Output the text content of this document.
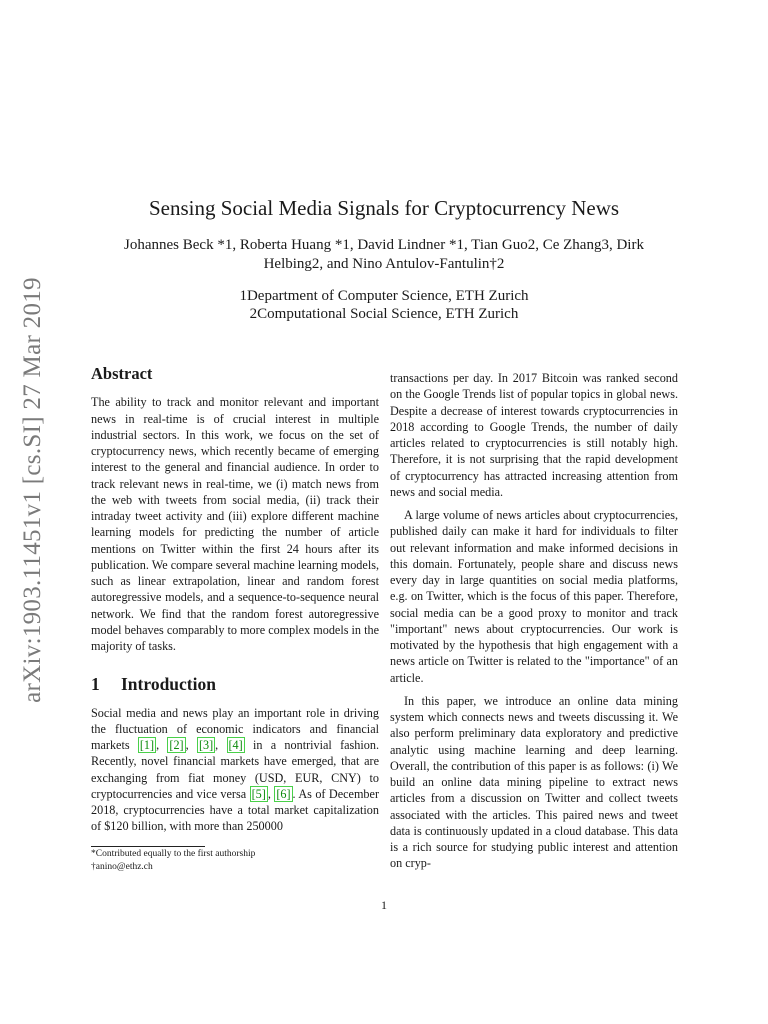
arXiv:1903.11451v1 [cs.SI] 27 Mar 2019
Sensing Social Media Signals for Cryptocurrency News
Johannes Beck *1, Roberta Huang *1, David Lindner *1, Tian Guo2, Ce Zhang3, Dirk
Helbing2, and Nino Antulov-Fantulin†2
1Department of Computer Science, ETH Zurich
2Computational Social Science, ETH Zurich
Abstract

The ability to track and monitor relevant and important news in real-time is of crucial interest in multiple industrial sectors. In this work, we focus on the set of cryptocurrency news, which recently became of emerging interest to the general and financial audience. In order to track relevant news in real-time, we (i) match news from the web with tweets from social media, (ii) track their intraday tweet activity and (iii) explore different machine learning models for predicting the number of article mentions on Twitter within the first 24 hours after its publication. We compare several machine learning models, such as linear extrapolation, linear and random forest autoregressive models, and a sequence-to-sequence neural network. We find that the random forest autoregressive model behaves comparably to more complex models in the majority of tasks.

1 Introduction

Social media and news play an important role in driving the fluctuation of economic indicators and financial markets [1] , [2] , [3] , [4] in a nontrivial fashion. Recently, novel financial markets have emerged, that are exchanging from fiat money (USD, EUR, CNY) to cryptocurrencies and vice versa [5] , [6] . As of December 2018, cryptocurrencies have a total market capitalization of $120 billion, with more than 250000

transactions per day. In 2017 Bitcoin was ranked second on the Google Trends list of popular topics in global news. Despite a decrease of interest towards cryptocurrencies in 2018 according to Google Trends, the number of daily articles related to cryptocurrencies is still notably high. Therefore, it is not surprising that the rapid development of cryptocurrency has attracted increasing attention from news and social media.

A large volume of news articles about cryptocurrencies, published daily can make it hard for individuals to filter out relevant information and make informed decisions in this domain. Fortunately, people share and discuss news every day in large quantities on social media platforms, e.g. on Twitter, which is the focus of this paper. Therefore, social media can be a good proxy to monitor and track "important" news about cryptocurrencies. Our work is motivated by the hypothesis that high engagement with a news article on Twitter is related to the "importance" of an article.

In this paper, we introduce an online data mining system which connects news and tweets discussing it. We also perform preliminary data exploratory and predictive analytic using machine learning and deep learning. Overall, the contribution of this paper is as follows: (i) We build an online data mining pipeline to extract news articles from a discussion on Twitter and collect tweets associated with the articles. This paired news and tweet data is continuously updated in a cloud database. This data is a rich source for studying public interest and attention on cryp-

*Contributed equally to the first authorship
†anino@ethz.ch
1
